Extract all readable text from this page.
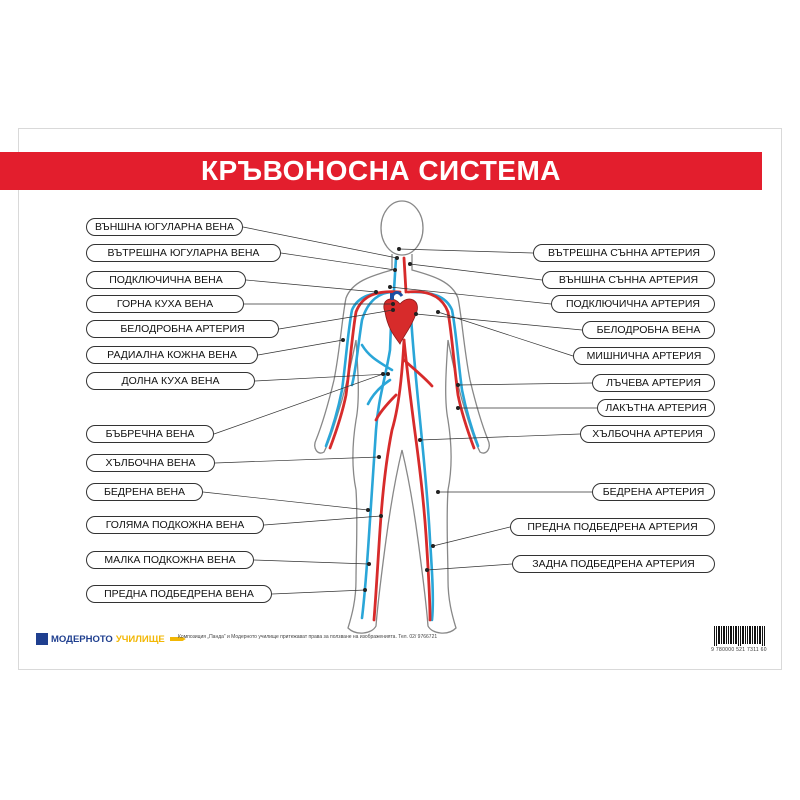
КРЪВОНОСНА СИСТЕМА
ВЪНШНА ЮГУЛАРНА ВЕНА
ВЪТРЕШНА ЮГУЛАРНА ВЕНА
ПОДКЛЮЧИЧНА ВЕНА
ГОРНА КУХА ВЕНА
БЕЛОДРОБНА АРТЕРИЯ
РАДИАЛНА КОЖНА ВЕНА
ДОЛНА КУХА ВЕНА
БЪБРЕЧНА ВЕНА
ХЪЛБОЧНА ВЕНА
БЕДРЕНА ВЕНА
ГОЛЯМА ПОДКОЖНА ВЕНА
МАЛКА ПОДКОЖНА ВЕНА
ПРЕДНА ПОДБЕДРЕНА ВЕНА
ВЪТРЕШНА СЪННА АРТЕРИЯ
ВЪНШНА СЪННА АРТЕРИЯ
ПОДКЛЮЧИЧНА АРТЕРИЯ
БЕЛОДРОБНА ВЕНА
МИШНИЧНА АРТЕРИЯ
ЛЪЧЕВА АРТЕРИЯ
ЛАКЪТНА АРТЕРИЯ
ХЪЛБОЧНА АРТЕРИЯ
БЕДРЕНА АРТЕРИЯ
ПРЕДНА ПОДБЕДРЕНА АРТЕРИЯ
ЗАДНА ПОДБЕДРЕНА АРТЕРИЯ
МОДЕРНОТО УЧИЛИЩЕ	Композиция „Панда“ и Модерното училище притежават права за ползване на изображенията. Тел. 02/ 9766721
9 780000 521 7311 60
